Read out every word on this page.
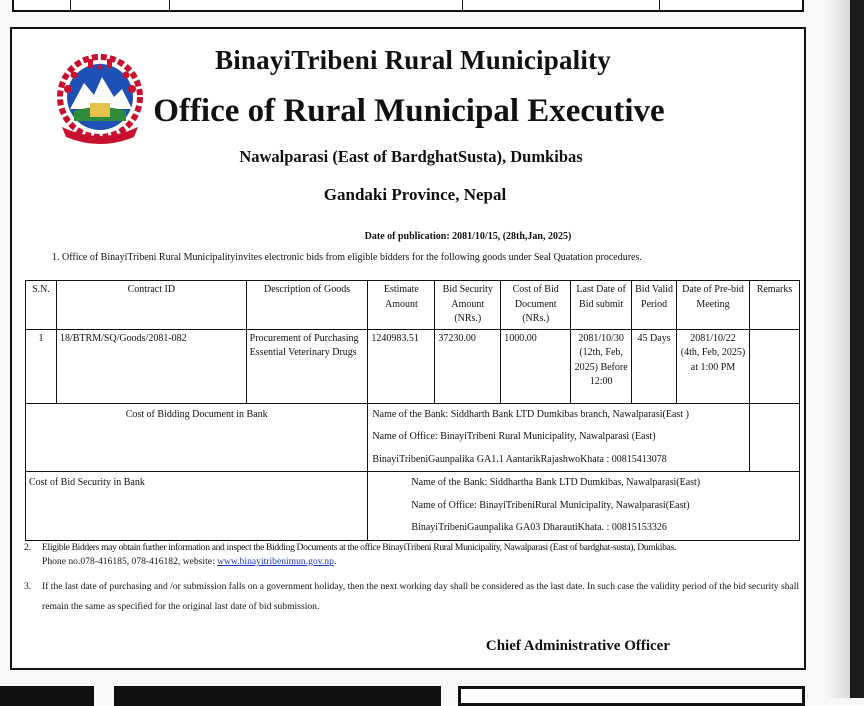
BinayiTribeni Rural Municipality
Office of Rural Municipal Executive
Nawalparasi (East of BardghatSusta), Dumkibas
Gandaki Province, Nepal
Date of publication: 2081/10/15, (28th,Jan, 2025)
1. Office of BinayiTribeni Rural Municipalityinvites electronic bids from eligible bidders for the following goods under Seal Quatation procedures.
S.N.	Contract ID	Description of Goods	Estimate Amount	Bid Security Amount (NRs.)	Cost of Bid Document (NRs.)	Last Date of Bid submit	Bid Valid Period	Date of Pre-bid Meeting	Remarks
1	18/BTRM/SQ/Goods/2081-082	Procurement of Purchasing Essential Veterinary Drugs	1240983.51	37230.00	1000.00	2081/10/30 (12th, Feb, 2025) Before 12:00	45 Days	2081/10/22 (4th, Feb, 2025) at 1:00 PM	
Cost of Bidding Document in Bank			Name of the Bank: Siddharth Bank LTD Dumkibas branch, Nawalparasi(East )
Name of Office: BinayiTribeni Rural Municipality, Nawalparasi (East)
BinayiTribeniGaunpalika GA1.1 AantarikRajashwoKhata : 00815413078						

Cost of Bid Security in Bank			Name of the Bank: Siddhartha Bank LTD Dumkibas, Nawalparasi(East)
Name of Office: BinayiTribeniRural Municipality, Nawalparasi(East)
BinayiTribeniGaunpalika GA03 DharautiKhata. : 00815153326						
2.	Eligible Bidders may obtain further information and inspect the Bidding Documents at the office BinayiTribeni Rural Municipality, Nawalparasi (East of bardghat-susta), Dumkibas.
Phone no.078-416185, 078-416182, website: www.binayitribenimun.gov.np.
3.	If the last date of purchasing and /or submission falls on a government holiday, then the next working day shall be considered as the last date. In such case the validity period of the bid security shall remain the same as specified for the original last date of bid submission.
Chief Administrative Officer
